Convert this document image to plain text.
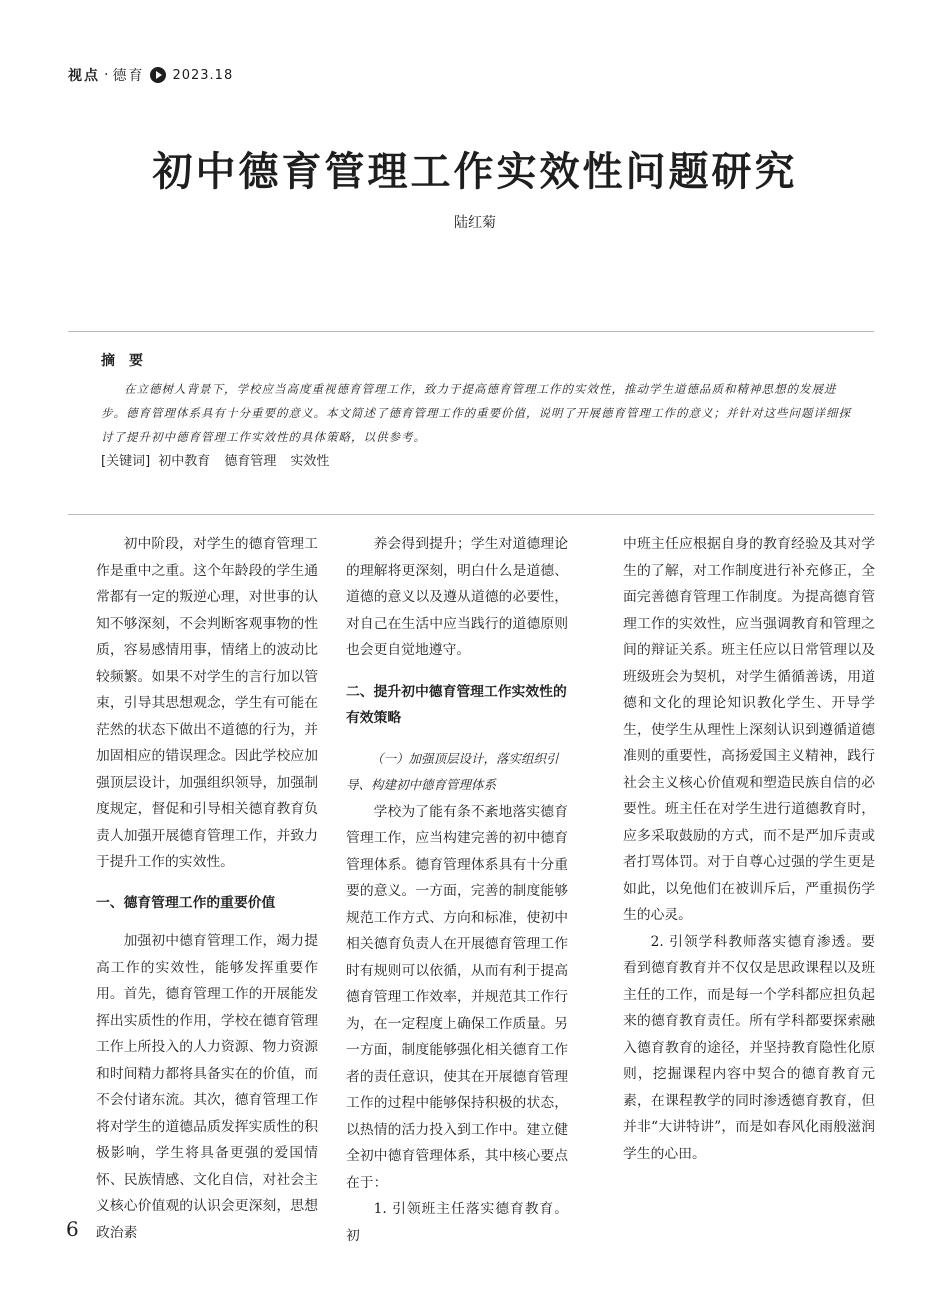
视点 · 德育 2023.18
初中德育管理工作实效性问题研究
陆红菊
摘要

在立德树人背景下，学校应当高度重视德育管理工作，致力于提高德育管理工作的实效性，推动学生道德品质和精神思想的发展进步。德育管理体系具有十分重要的意义。本文简述了德育管理工作的重要价值，说明了开展德育管理工作的意义；并针对这些问题详细探讨了提升初中德育管理工作实效性的具体策略，以供参考。

[关键词] 初中教育 德育管理 实效性

初中阶段，对学生的德育管理工作是重中之重。这个年龄段的学生通常都有一定的叛逆心理，对世事的认知不够深刻，不会判断客观事物的性质，容易感情用事，情绪上的波动比较频繁。如果不对学生的言行加以管束，引导其思想观念，学生有可能在茫然的状态下做出不道德的行为，并加固相应的错误理念。因此学校应加强顶层设计，加强组织领导，加强制度规定，督促和引导相关德育教育负责人加强开展德育管理工作，并致力于提升工作的实效性。

一、德育管理工作的重要价值

加强初中德育管理工作，竭力提高工作的实效性，能够发挥重要作用。首先，德育管理工作的开展能发挥出实质性的作用，学校在德育管理工作上所投入的人力资源、物力资源和时间精力都将具备实在的价值，而不会付诸东流。其次，德育管理工作将对学生的道德品质发挥实质性的积极影响，学生将具备更强的爱国情怀、民族情感、文化自信，对社会主义核心价值观的认识会更深刻，思想政治素

养会得到提升；学生对道德理论的理解将更深刻，明白什么是道德、道德的意义以及遵从道德的必要性，对自己在生活中应当践行的道德原则也会更自觉地遵守。

二、提升初中德育管理工作实效性的有效策略
（一）加强顶层设计，落实组织引导、构建初中德育管理体系

学校为了能有条不紊地落实德育管理工作，应当构建完善的初中德育管理体系。德育管理体系具有十分重要的意义。一方面，完善的制度能够规范工作方式、方向和标准，使初中相关德育负责人在开展德育管理工作时有规则可以依循，从而有利于提高德育管理工作效率，并规范其工作行为，在一定程度上确保工作质量。另一方面，制度能够强化相关德育工作者的责任意识，使其在开展德育管理工作的过程中能够保持积极的状态，以热情的活力投入到工作中。建立健全初中德育管理体系，其中核心要点在于：

1. 引领班主任落实德育教育。初

中班主任应根据自身的教育经验及其对学生的了解，对工作制度进行补充修正，全面完善德育管理工作制度。为提高德育管理工作的实效性，应当强调教育和管理之间的辩证关系。班主任应以日常管理以及班级班会为契机，对学生循循善诱，用道德和文化的理论知识教化学生、开导学生，使学生从理性上深刻认识到遵循道德准则的重要性，高扬爱国主义精神，践行社会主义核心价值观和塑造民族自信的必要性。班主任在对学生进行道德教育时，应多采取鼓励的方式，而不是严加斥责或者打骂体罚。对于自尊心过强的学生更是如此，以免他们在被训斥后，严重损伤学生的心灵。

2. 引领学科教师落实德育渗透。要看到德育教育并不仅仅是思政课程以及班主任的工作，而是每一个学科都应担负起来的德育教育责任。所有学科都要探索融入德育教育的途径，并坚持教育隐性化原则，挖掘课程内容中契合的德育教育元素，在课程教学的同时渗透德育教育，但并非“大讲特讲”，而是如春风化雨般滋润学生的心田。

6
